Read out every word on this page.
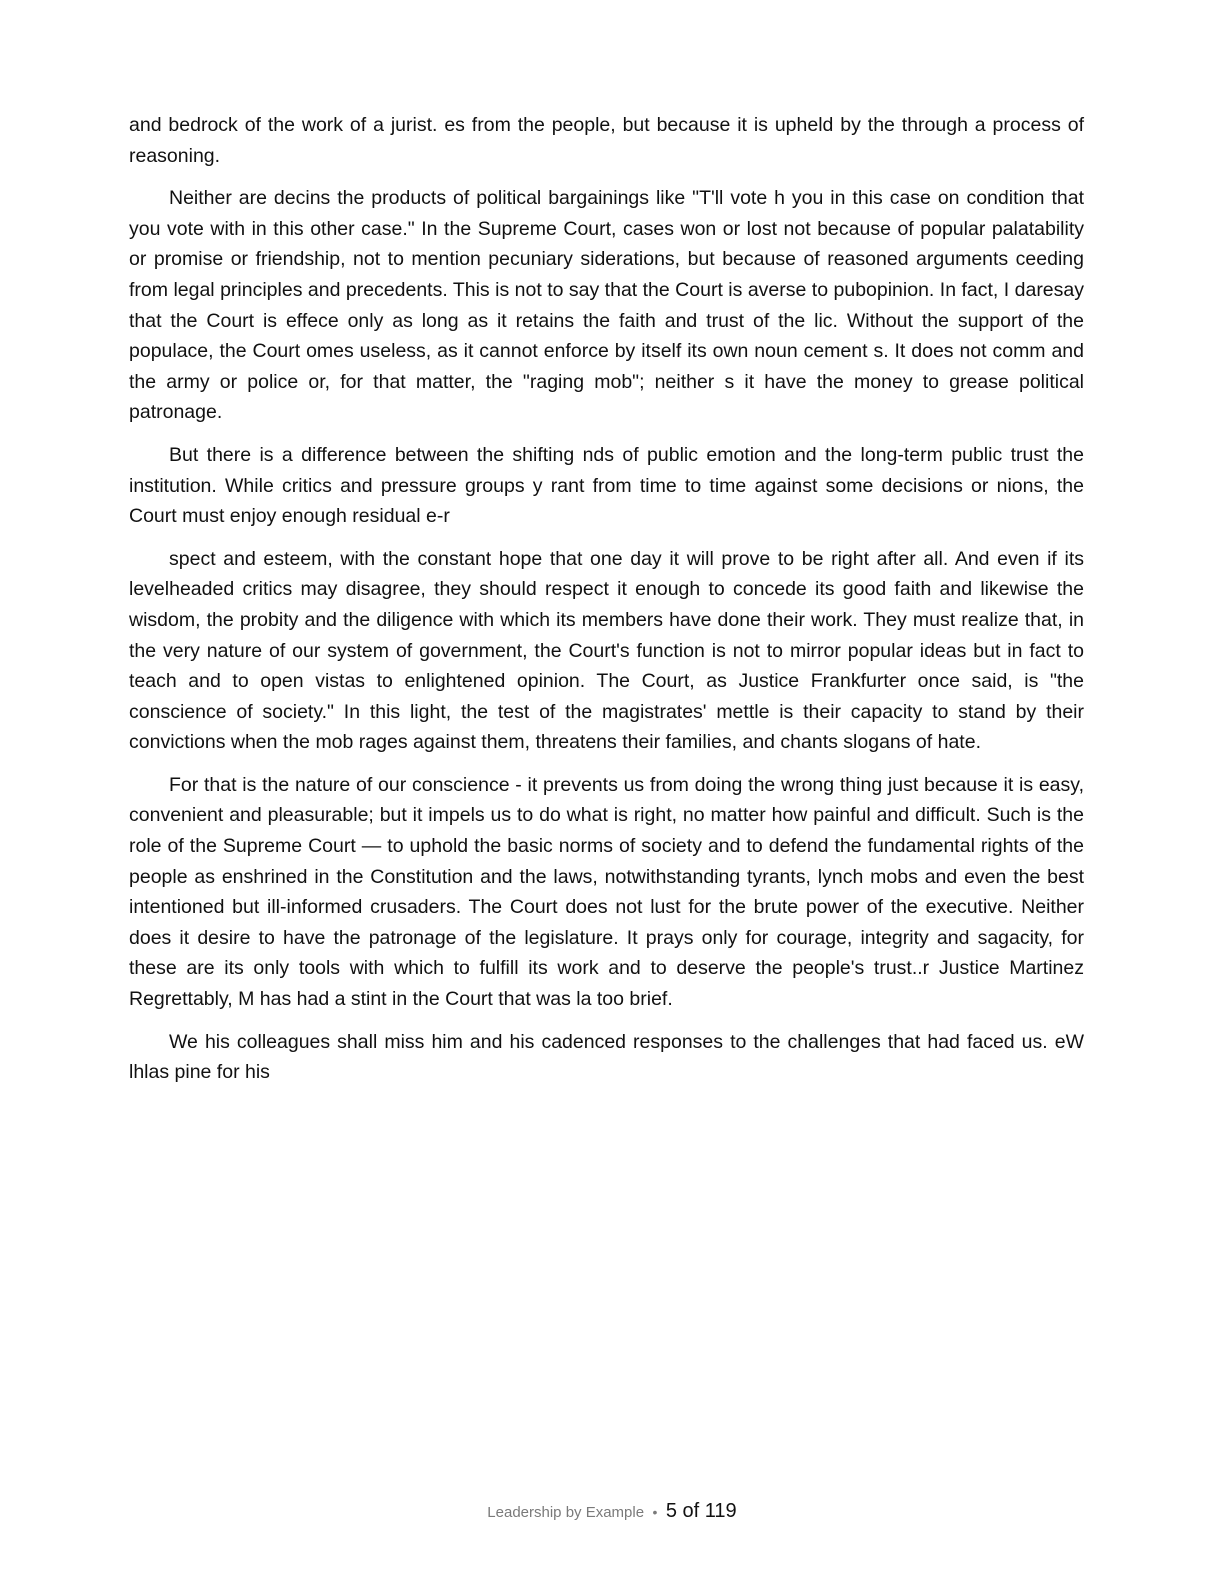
and bedrock of the work of a jurist. es from the people, but because it is upheld by the through a process of reasoning.

Neither are decins the products of political bargainings like "T'll vote h you in this case on condition that you vote with in this other case." In the Supreme Court, cases won or lost not because of popular palatability or promise or friendship, not to mention pecuniary siderations, but because of reasoned arguments ceeding from legal principles and precedents. This is not to say that the Court is averse to pubopinion. In fact, I daresay that the Court is effece only as long as it retains the faith and trust of the lic. Without the support of the populace, the Court omes useless, as it cannot enforce by itself its own noun cement s. It does not comm and the army or police or, for that matter, the "raging mob"; neither s it have the money to grease political patronage.

But there is a difference between the shifting nds of public emotion and the long-term public trust the institution. While critics and pressure groups y rant from time to time against some decisions or nions, the Court must enjoy enough residual e-r

spect and esteem, with the constant hope that one day it will prove to be right after all. And even if its levelheaded critics may disagree, they should respect it enough to concede its good faith and likewise the wisdom, the probity and the diligence with which its members have done their work. They must realize that, in the very nature of our system of government, the Court's function is not to mirror popular ideas but in fact to teach and to open vistas to enlightened opinion. The Court, as Justice Frankfurter once said, is "the conscience of society." In this light, the test of the magistrates' mettle is their capacity to stand by their convictions when the mob rages against them, threatens their families, and chants slogans of hate.

For that is the nature of our conscience - it prevents us from doing the wrong thing just because it is easy, convenient and pleasurable; but it impels us to do what is right, no matter how painful and difficult. Such is the role of the Supreme Court — to uphold the basic norms of society and to defend the fundamental rights of the people as enshrined in the Constitution and the laws, notwithstanding tyrants, lynch mobs and even the best intentioned but ill-informed crusaders. The Court does not lust for the brute power of the executive. Neither does it desire to have the patronage of the legislature. It prays only for courage, integrity and sagacity, for these are its only tools with which to fulfill its work and to deserve the people's trust..r Justice Martinez Regrettably, M has had a stint in the Court that was la too brief.

We his colleagues shall miss him and his cadenced responses to the challenges that had faced us. eW lhlas pine for his

Leadership by Example • 5 of 119
